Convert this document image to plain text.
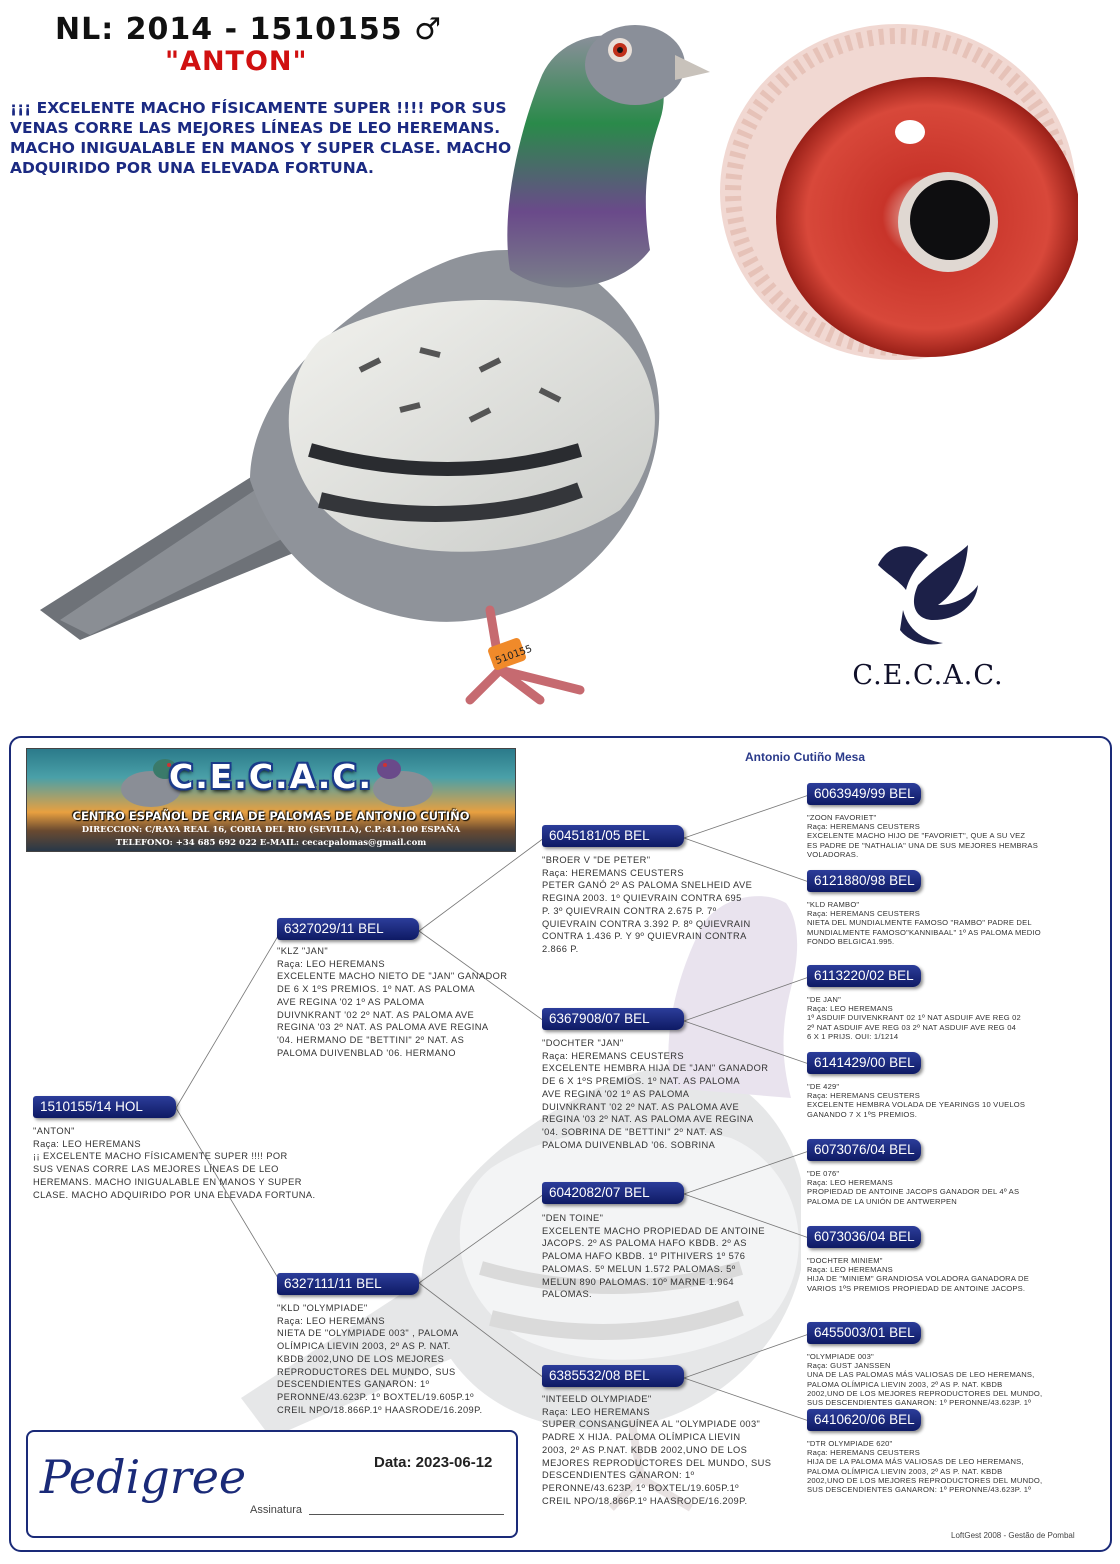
510155
NL: 2014 - 1510155 ♂
"ANTON"
¡¡¡ EXCELENTE MACHO FÍSICAMENTE SUPER !!!! POR SUS VENAS CORRE LAS MEJORES LÍNEAS DE LEO HEREMANS. MACHO INIGUALABLE EN MANOS Y SUPER CLASE. MACHO ADQUIRIDO POR UNA ELEVADA FORTUNA.
C.E.C.A.C.
Antonio Cutiño Mesa
C.E.C.A.C.
CENTRO ESPAÑOL DE CRIA DE PALOMAS DE ANTONIO CUTIÑO
DIRECCION: C/RAYA REAL 16, CORIA DEL RIO (SEVILLA), C.P.:41.100 ESPAÑA
TELEFONO: +34 685 692 022 E-MAIL: cecacpalomas@gmail.com
1510155/14 HOL

"ANTON"

Raça: LEO HEREMANS

¡¡ EXCELENTE MACHO FÍSICAMENTE SUPER !!!! POR

SUS VENAS CORRE LAS MEJORES LÍNEAS DE LEO

HEREMANS. MACHO INIGUALABLE EN MANOS Y SUPER

CLASE. MACHO ADQUIRIDO POR UNA ELEVADA FORTUNA.

6327029/11 BEL

"KLZ "JAN"

Raça: LEO HEREMANS

EXCELENTE MACHO NIETO DE "JAN" GANADOR

DE 6 X 1ºS PREMIOS. 1º NAT. AS PALOMA

AVE REGINA '02 1º AS PALOMA

DUIVNKRANT '02 2º NAT. AS PALOMA AVE

REGINA '03 2º NAT. AS PALOMA AVE REGINA

'04. HERMANO DE "BETTINI" 2º NAT. AS

PALOMA DUIVENBLAD '06. HERMANO

6327111/11 BEL

"KLD "OLYMPIADE"

Raça: LEO HEREMANS

NIETA DE "OLYMPIADE 003" , PALOMA

OLÍMPICA LIEVIN 2003, 2º AS P. NAT.

KBDB 2002,UNO DE LOS MEJORES

REPRODUCTORES DEL MUNDO, SUS

DESCENDIENTES GANARON: 1º

PERONNE/43.623P. 1º BOXTEL/19.605P.1º

CREIL NPO/18.866P.1º HAASRODE/16.209P.

6045181/05 BEL

"BROER V "DE PETER"

Raça: HEREMANS CEUSTERS

PETER GANÓ 2º AS PALOMA SNELHEID AVE

REGINA 2003. 1º QUIEVRAIN CONTRA 695

P. 3º QUIEVRAIN CONTRA 2.675 P. 7º

QUIEVRAIN CONTRA 3.392 P. 8º QUIEVRAIN

CONTRA 1.436 P. Y 9º QUIEVRAIN CONTRA

2.866 P.

6367908/07 BEL

"DOCHTER "JAN"

Raça: HEREMANS CEUSTERS

EXCELENTE HEMBRA HIJA DE "JAN" GANADOR

DE 6 X 1ºS PREMIOS. 1º NAT. AS PALOMA

AVE REGINA '02 1º AS PALOMA

DUIVNKRANT '02 2º NAT. AS PALOMA AVE

REGINA '03 2º NAT. AS PALOMA AVE REGINA

'04. SOBRINA DE "BETTINI" 2º NAT. AS

PALOMA DUIVENBLAD '06. SOBRINA

6042082/07 BEL

"DEN TOINE"

EXCELENTE MACHO PROPIEDAD DE ANTOINE

JACOPS. 2º AS PALOMA HAFO KBDB. 2º AS

PALOMA HAFO KBDB. 1º PITHIVERS 1º 576

PALOMAS. 5º MELUN 1.572 PALOMAS. 5º

MELUN 890 PALOMAS. 10º MARNE 1.964

PALOMAS.

6385532/08 BEL

"INTEELD OLYMPIADE"

Raça: LEO HEREMANS

SUPER CONSANGUÍNEA AL "OLYMPIADE 003"

PADRE X HIJA. PALOMA OLÍMPICA LIEVIN

2003, 2º AS P.NAT. KBDB 2002,UNO DE LOS

MEJORES REPRODUCTORES DEL MUNDO, SUS

DESCENDIENTES GANARON: 1º

PERONNE/43.623P. 1º BOXTEL/19.605P.1º

CREIL NPO/18.866P.1º HAASRODE/16.209P.

6063949/99 BEL

"ZOON FAVORIET"

Raça: HEREMANS CEUSTERS

EXCELENTE MACHO HIJO DE "FAVORIET", QUE A SU VEZ

ES PADRE DE "NATHALIA" UNA DE SUS MEJORES HEMBRAS

VOLADORAS.

6121880/98 BEL

"KLD RAMBO"

Raça: HEREMANS CEUSTERS

NIETA DEL MUNDIALMENTE FAMOSO "RAMBO" PADRE DEL

MUNDIALMENTE FAMOSO"KANNIBAAL" 1º AS PALOMA MEDIO

FONDO BELGICA1.995.

6113220/02 BEL

"DE JAN"

Raça: LEO HEREMANS

1º ASDUIF DUIVENKRANT 02 1º NAT ASDUIF AVE REG 02

2º NAT ASDUIF AVE REG 03 2º NAT ASDUIF AVE REG 04

6 X 1 PRIJS. OUI: 1/1214

6141429/00 BEL

"DE 429"

Raça: HEREMANS CEUSTERS

EXCELENTE HEMBRA VOLADA DE YEARINGS 10 VUELOS

GANANDO 7 X 1ºS PREMIOS.

6073076/04 BEL

"DE 076"

Raça: LEO HEREMANS

PROPIEDAD DE ANTOINE JACOPS GANADOR DEL 4º AS

PALOMA DE LA UNIÓN DE ANTWERPEN

6073036/04 BEL

"DOCHTER MINIEM"

Raça: LEO HEREMANS

HIJA DE "MINIEM" GRANDIOSA VOLADORA GANADORA DE

VARIOS 1ºS PREMIOS PROPIEDAD DE ANTOINE JACOPS.

6455003/01 BEL

"OLYMPIADE 003"

Raça: GUST JANSSEN

UNA DE LAS PALOMAS MÁS VALIOSAS DE LEO HEREMANS,

PALOMA OLÍMPICA LIEVIN 2003, 2º AS P. NAT. KBDB

2002,UNO DE LOS MEJORES REPRODUCTORES DEL MUNDO,

SUS DESCENDIENTES GANARON: 1º PERONNE/43.623P. 1º

6410620/06 BEL

"DTR OLYMPIADE 620"

Raça: HEREMANS CEUSTERS

HIJA DE LA PALOMA MÁS VALIOSAS DE LEO HEREMANS,

PALOMA OLÍMPICA LIEVIN 2003, 2º AS P. NAT. KBDB

2002,UNO DE LOS MEJORES REPRODUCTORES DEL MUNDO,

SUS DESCENDIENTES GANARON: 1º PERONNE/43.623P. 1º

Pedigree	Data: 2023-06-12
Assinatura
LoftGest 2008 - Gestão de Pombal
